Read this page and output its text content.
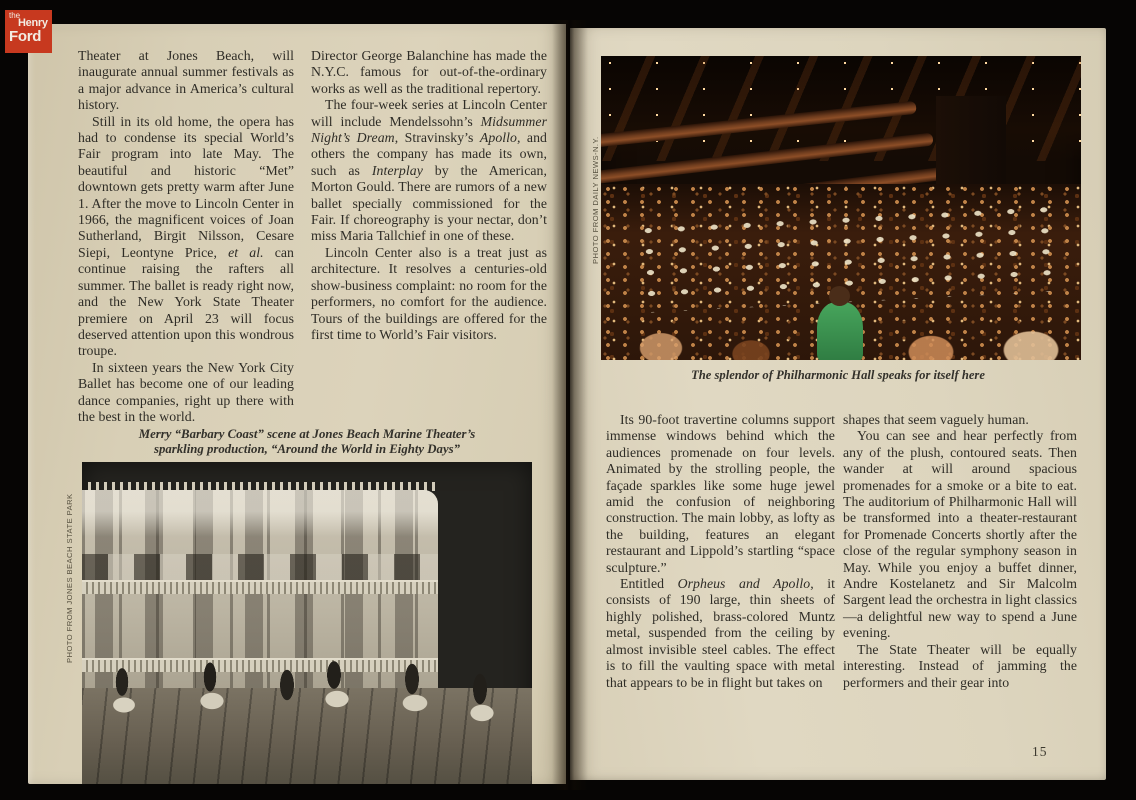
the
Henry
Ford

Theater at Jones Beach, will inaugurate annual summer festivals as a major advance in America’s cultural history.

Still in its old home, the opera has had to condense its special World’s Fair program into late May. The beautiful and historic “Met” downtown gets pretty warm after June 1. After the move to Lincoln Center in 1966, the magnificent voices of Joan Sutherland, Birgit Nilsson, Cesare Siepi, Leontyne Price, et al. can continue raising the rafters all summer. The ballet is ready right now, and the New York State Theater premiere on April 23 will focus deserved attention upon this wondrous troupe.

In sixteen years the New York City Ballet has become one of our leading dance companies, right up there with the best in the world.

Director George Balanchine has made the N.Y.C. famous for out-of-the-ordinary works as well as the traditional repertory.

The four-week series at Lincoln Center will include Mendelssohn’s Midsummer Night’s Dream, Stravinsky’s Apollo, and others the company has made its own, such as Interplay by the American, Morton Gould. There are rumors of a new ballet specially commissioned for the Fair. If choreography is your nectar, don’t miss Maria Tallchief in one of these.

Lincoln Center also is a treat just as architecture. It resolves a centuries-old show-business complaint: no room for the performers, no comfort for the audience. Tours of the buildings are offered for the first time to World’s Fair visitors.

Merry “Barbary Coast” scene at Jones Beach Marine Theater’s
sparkling production, “Around the World in Eighty Days”
PHOTO FROM JONES BEACH STATE PARK
PHOTO FROM DAILY NEWS-N.Y.
The splendor of Philharmonic Hall speaks for itself here

Its 90-foot travertine columns support immense windows behind which the audiences promenade on four levels. Animated by the strolling people, the façade sparkles like some huge jewel amid the confusion of neighboring construction. The main lobby, as lofty as the building, features an elegant restaurant and Lippold’s startling “space sculpture.”

Entitled Orpheus and Apollo, it consists of 190 large, thin sheets of highly polished, brass-colored Muntz metal, suspended from the ceiling by almost invisible steel cables. The effect is to fill the vaulting space with metal that appears to be in flight but takes on

shapes that seem vaguely human.

You can see and hear perfectly from any of the plush, contoured seats. Then wander at will around spacious promenades for a smoke or a bite to eat. The auditorium of Philharmonic Hall will be transformed into a theater-restaurant for Promenade Concerts shortly after the close of the regular symphony season in May. While you enjoy a buffet dinner, Andre Kostelanetz and Sir Malcolm Sargent lead the orchestra in light classics—a delightful new way to spend a June evening.

The State Theater will be equally interesting. Instead of jamming the performers and their gear into

15
